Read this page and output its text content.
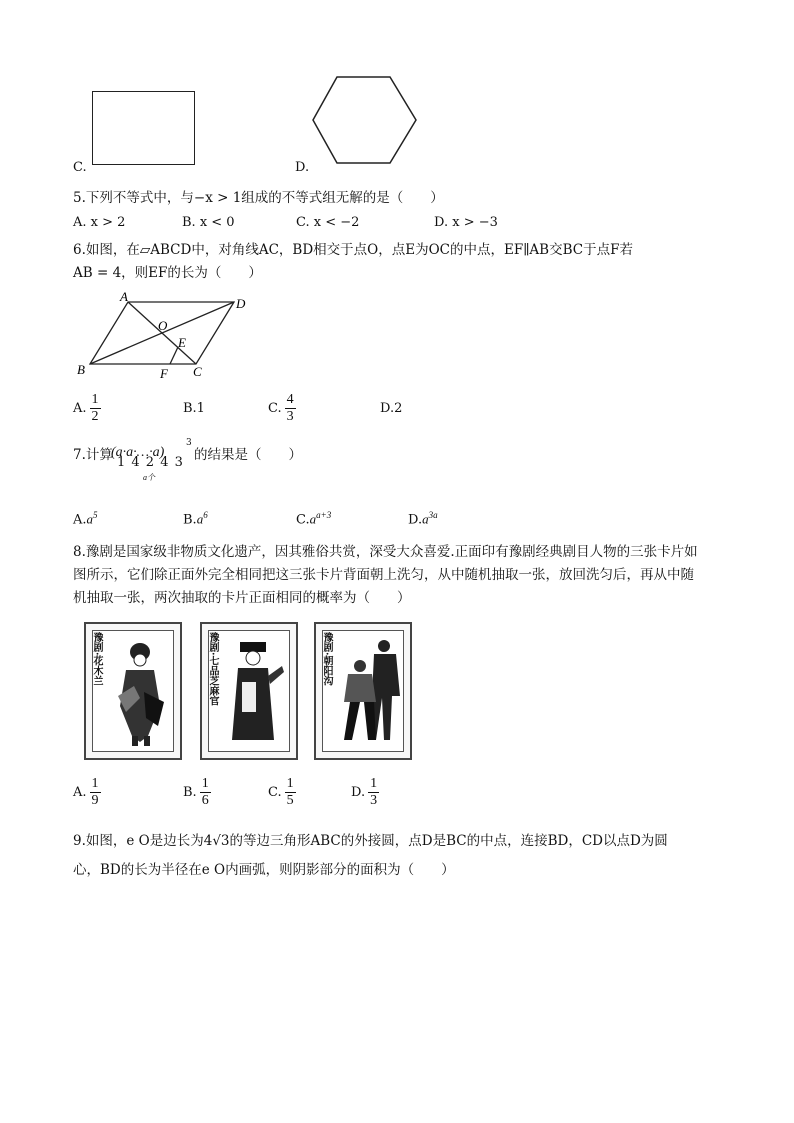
C.	D.
5.下列不等式中，与−x > 1组成的不等式组无解的是（　　）
A. x > 2	B. x < 0	C. x < −2	D. x > −3
6.如图，在▱ABCD中，对角线AC，BD相交于点O，点E为OC的中点，EF∥AB交BC于点F若
AB = 4，则EF的长为（　　）
A	D
B	C
O
E
F
A. $\frac{1}{2}$	B.1	C. $\frac{4}{3}$	D.2
7.计算
(a·a·…·a)
3
的结果是（　　）
1 4 2 4 3
a个
$A.a^5$	$B.a^6$	$C.a^{a+3}$	$D.a^{3a}$
8.豫剧是国家级非物质文化遗产，因其雅俗共赏，深受大众喜爱.正面印有豫剧经典剧目人物的三张卡片如
图所示，它们除正面外完全相同把这三张卡片背面朝上洗匀，从中随机抽取一张，放回洗匀后，再从中随
机抽取一张，两次抽取的卡片正面相同的概率为（　　）
豫剧·花木兰	豫剧·七品芝麻官	豫剧·朝阳沟
A. $\frac{1}{9}$	B. $\frac{1}{6}$	C. $\frac{1}{5}$	D. $\frac{1}{3}$
9.如图，e O是边长为4√3的等边三角形ABC的外接圆，点D是BC的中点，连接BD，CD以点D为圆
心，BD的长为半径在e O内画弧，则阴影部分的面积为（　　）
